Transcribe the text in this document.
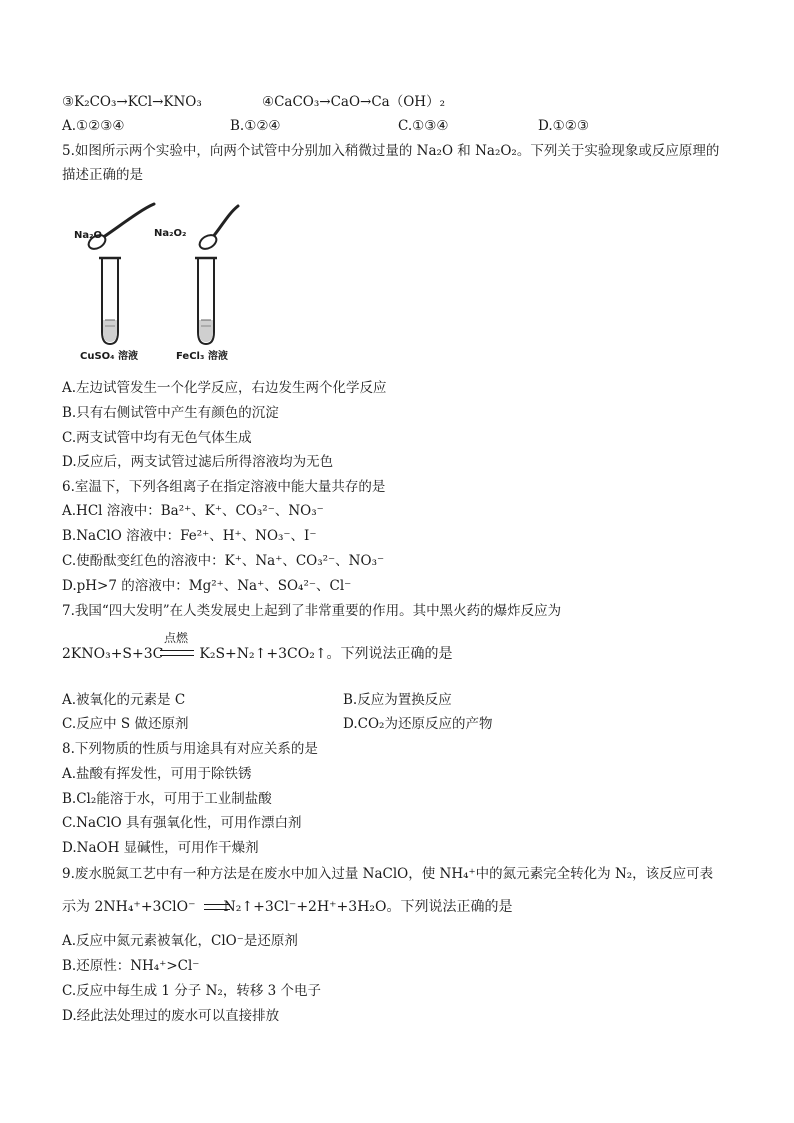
③K₂CO₃→KCl→KNO₃	④CaCO₃→CaO→Ca（OH）₂
A.①②③④	B.①②④	C.①③④	D.①②③
5.如图所示两个实验中，向两个试管中分别加入稍微过量的 Na₂O 和 Na₂O₂。下列关于实验现象或反应原理的
描述正确的是
Na₂O	Na₂O₂
CuSO₄ 溶液	FeCl₃ 溶液
A.左边试管发生一个化学反应，右边发生两个化学反应
B.只有右侧试管中产生有颜色的沉淀
C.两支试管中均有无色气体生成
D.反应后，两支试管过滤后所得溶液均为无色
6.室温下，下列各组离子在指定溶液中能大量共存的是
A.HCl 溶液中：Ba²⁺、K⁺、CO₃²⁻、NO₃⁻
B.NaClO 溶液中：Fe²⁺、H⁺、NO₃⁻、I⁻
C.使酚酞变红色的溶液中：K⁺、Na⁺、CO₃²⁻、NO₃⁻
D.pH>7 的溶液中：Mg²⁺、Na⁺、SO₄²⁻、Cl⁻
7.我国“四大发明”在人类发展史上起到了非常重要的作用。其中黑火药的爆炸反应为
2KNO₃+S+3C	K₂S+N₂↑+3CO₂↑。下列说法正确的是
点燃
A.被氧化的元素是 C	B.反应为置换反应
C.反应中 S 做还原剂	D.CO₂为还原反应的产物
8.下列物质的性质与用途具有对应关系的是
A.盐酸有挥发性，可用于除铁锈
B.Cl₂能溶于水，可用于工业制盐酸
C.NaClO 具有强氧化性，可用作漂白剂
D.NaOH 显碱性，可用作干燥剂
9.废水脱氮工艺中有一种方法是在废水中加入过量 NaClO，使 NH₄⁺中的氮元素完全转化为 N₂，该反应可表
示为 2NH₄⁺+3ClO⁻ N₂↑+3Cl⁻+2H⁺+3H₂O。下列说法正确的是
A.反应中氮元素被氧化，ClO⁻是还原剂
B.还原性：NH₄⁺>Cl⁻
C.反应中每生成 1 分子 N₂，转移 3 个电子
D.经此法处理过的废水可以直接排放
